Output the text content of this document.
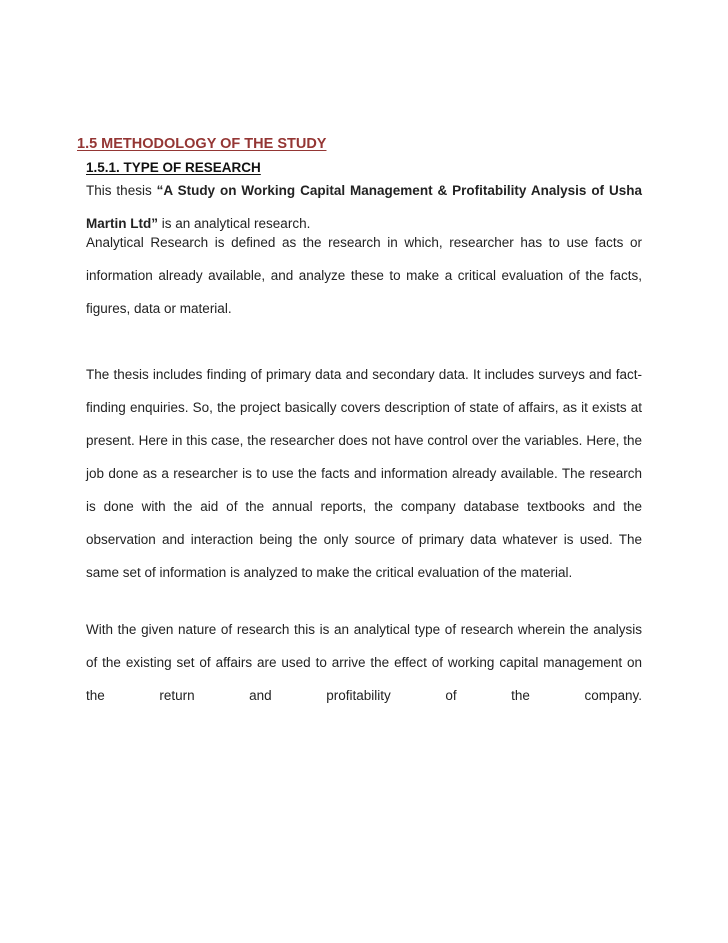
1.5 METHODOLOGY OF THE STUDY
1.5.1. TYPE OF RESEARCH

This thesis “A Study on Working Capital Management & Profitability Analysis of Usha Martin Ltd” is an analytical research.

Analytical Research is defined as the research in which, researcher has to use facts or information already available, and analyze these to make a critical evaluation of the facts, figures, data or material.

The thesis includes finding of primary data and secondary data. It includes surveys and fact-finding enquiries. So, the project basically covers description of state of affairs, as it exists at present. Here in this case, the researcher does not have control over the variables. Here, the job done as a researcher is to use the facts and information already available. The research is done with the aid of the annual reports, the company database textbooks and the observation and interaction being the only source of primary data whatever is used. The same set of information is analyzed to make the critical evaluation of the material.

With the given nature of research this is an analytical type of research wherein the analysis of the existing set of affairs are used to arrive the effect of working capital management on the return and profitability of the company.
